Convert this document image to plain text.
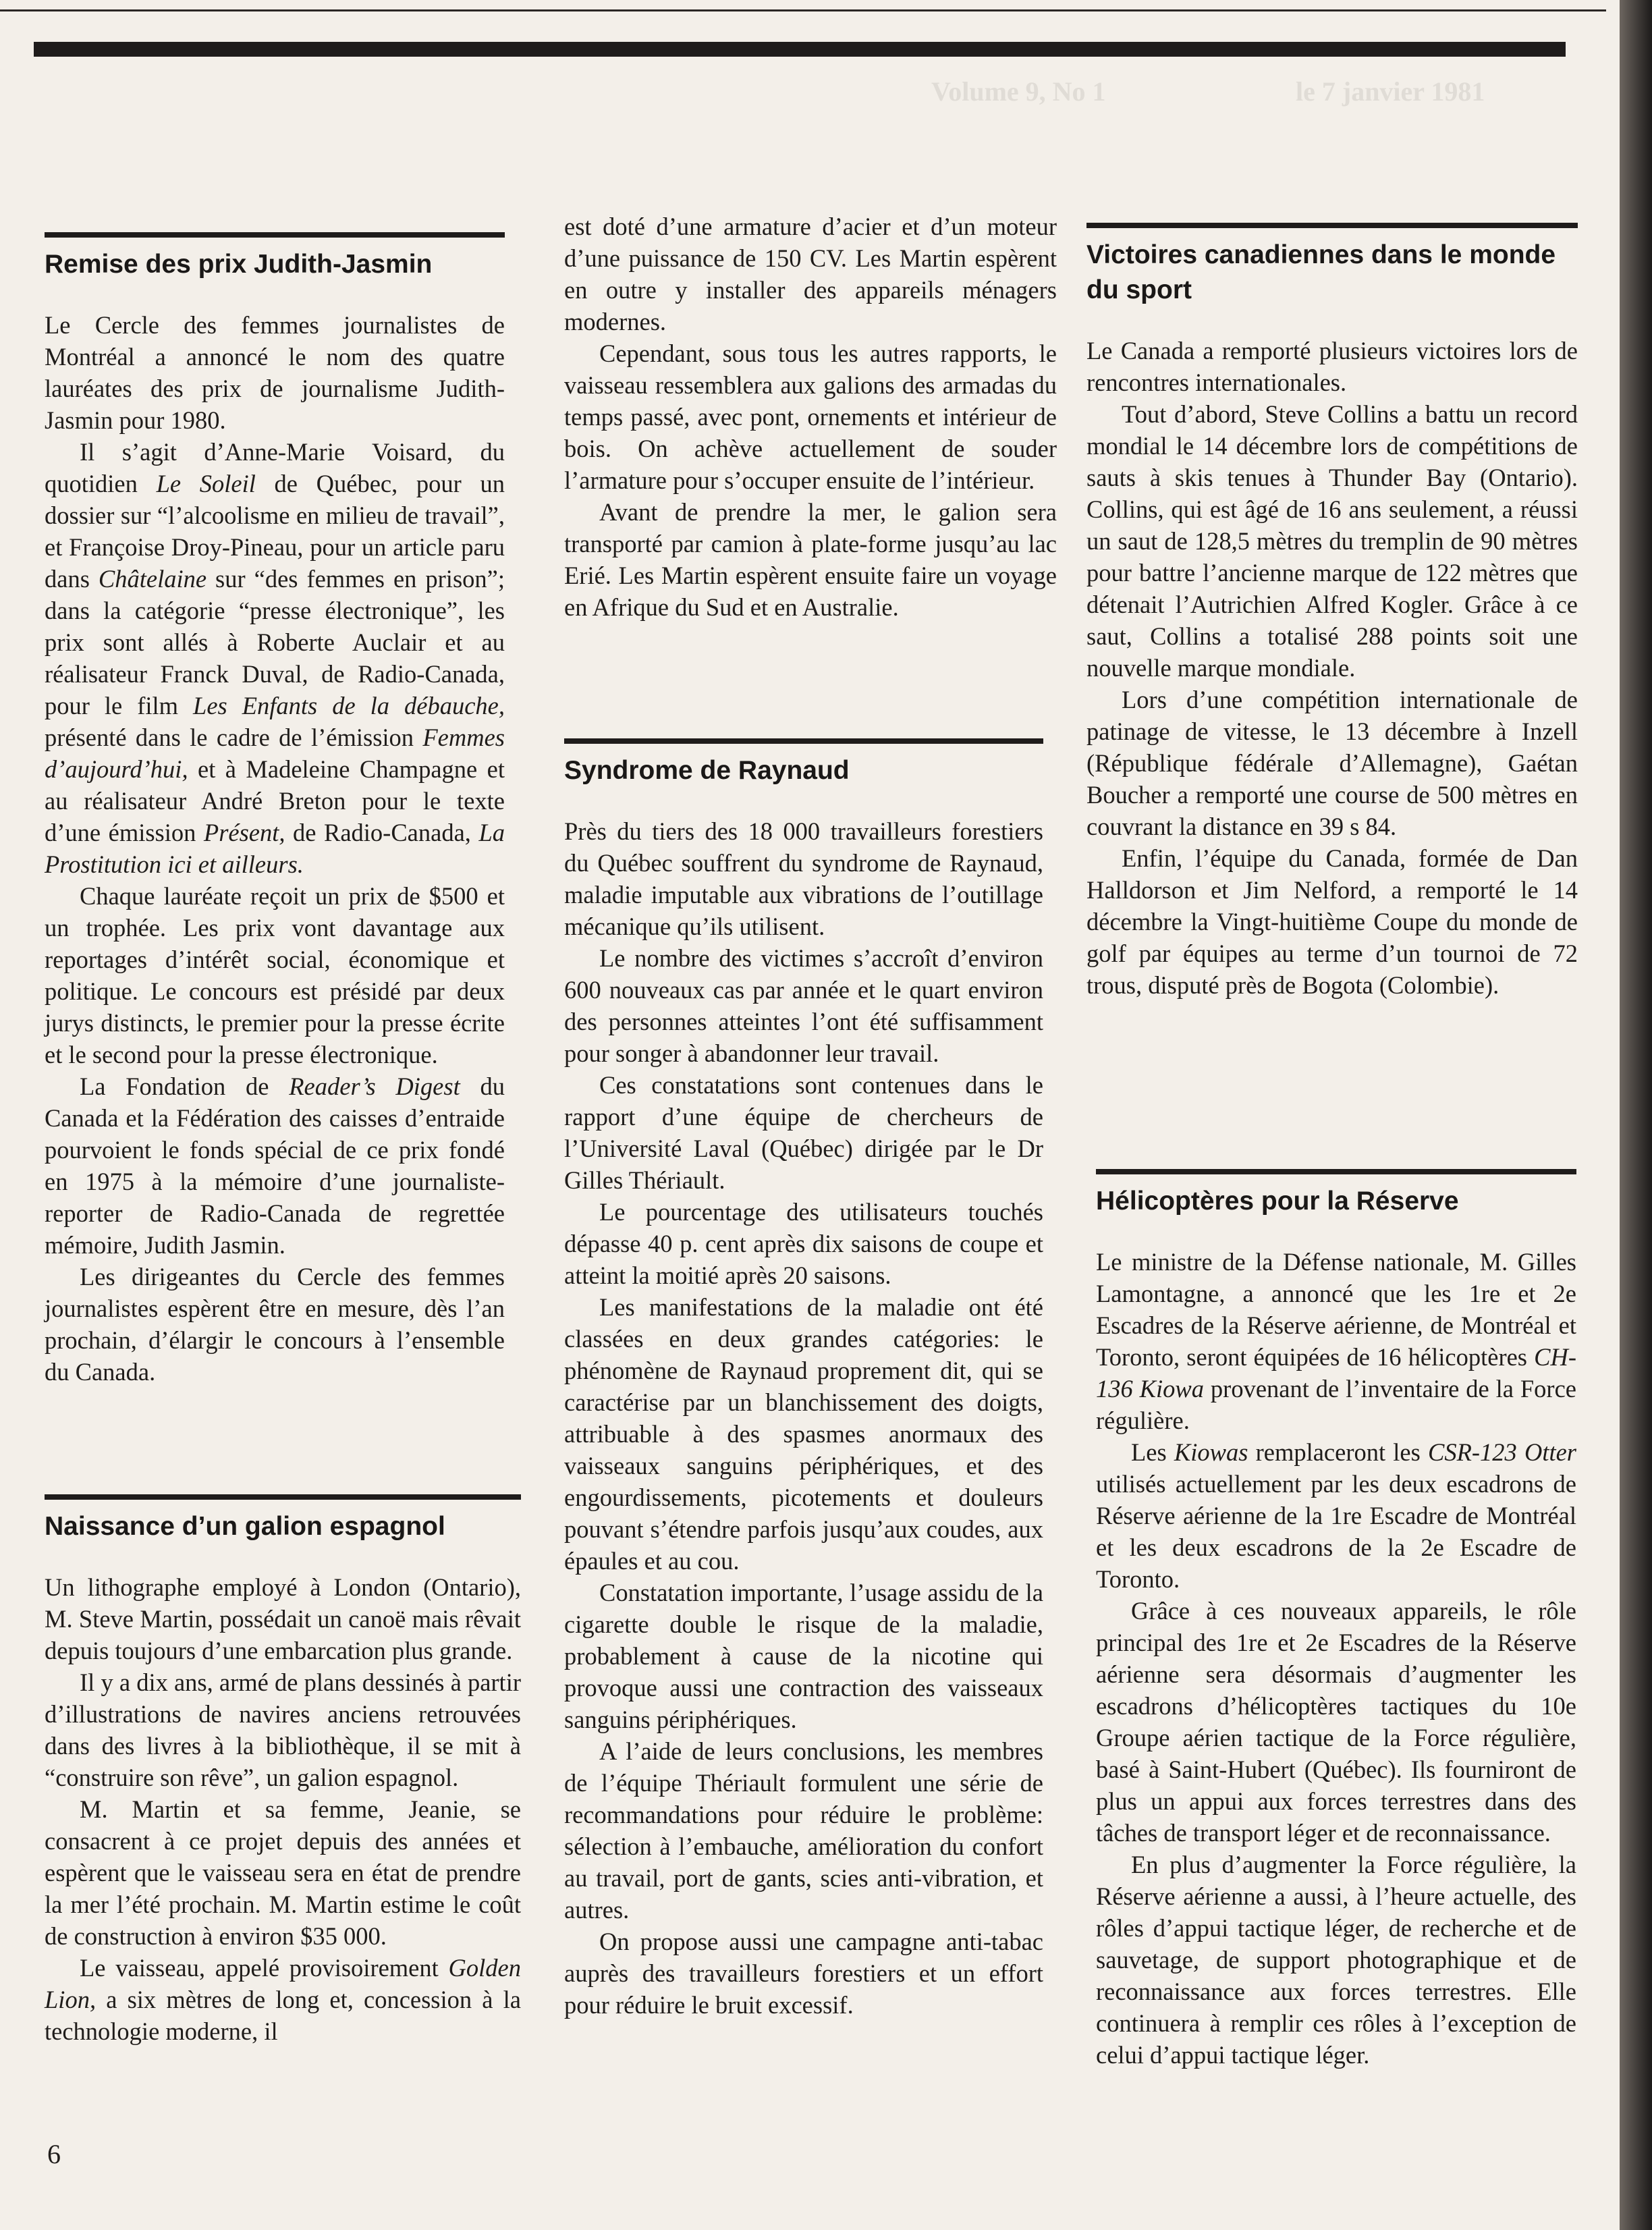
Volume 9, No 1	le 7 janvier 1981
Remise des prix Judith-Jasmin

Le Cercle des femmes journalistes de Montréal a annoncé le nom des quatre lauréates des prix de journalisme Judith-Jasmin pour 1980.

Il s’agit d’Anne-Marie Voisard, du quotidien Le Soleil de Québec, pour un dossier sur “l’alcoolisme en milieu de travail”, et Françoise Droy-Pineau, pour un article paru dans Châtelaine sur “des femmes en prison”; dans la catégorie “presse électronique”, les prix sont allés à Roberte Auclair et au réalisateur Franck Duval, de Radio-Canada, pour le film Les Enfants de la débauche, présenté dans le cadre de l’émission Femmes d’aujourd’hui, et à Madeleine Champagne et au réalisateur André Breton pour le texte d’une émission Présent, de Radio-Canada, La Prostitution ici et ailleurs.

Chaque lauréate reçoit un prix de $500 et un trophée. Les prix vont davantage aux reportages d’intérêt social, économique et politique. Le concours est présidé par deux jurys distincts, le premier pour la presse écrite et le second pour la presse électronique.

La Fondation de Reader’s Digest du Canada et la Fédération des caisses d’entraide pourvoient le fonds spécial de ce prix fondé en 1975 à la mémoire d’une journaliste-reporter de Radio-Canada de regrettée mémoire, Judith Jasmin.

Les dirigeantes du Cercle des femmes journalistes espèrent être en mesure, dès l’an prochain, d’élargir le concours à l’ensemble du Canada.

Naissance d’un galion espagnol

Un lithographe employé à London (Ontario), M. Steve Martin, possédait un canoë mais rêvait depuis toujours d’une embarcation plus grande.

Il y a dix ans, armé de plans dessinés à partir d’illustrations de navires anciens retrouvées dans des livres à la bibliothèque, il se mit à “construire son rêve”, un galion espagnol.

M. Martin et sa femme, Jeanie, se consacrent à ce projet depuis des années et espèrent que le vaisseau sera en état de prendre la mer l’été prochain. M. Martin estime le coût de construction à environ $35 000.

Le vaisseau, appelé provisoirement Golden Lion, a six mètres de long et, concession à la technologie moderne, il

est doté d’une armature d’acier et d’un moteur d’une puissance de 150 CV. Les Martin espèrent en outre y installer des appareils ménagers modernes.

Cependant, sous tous les autres rapports, le vaisseau ressemblera aux galions des armadas du temps passé, avec pont, ornements et intérieur de bois. On achève actuellement de souder l’armature pour s’occuper ensuite de l’intérieur.

Avant de prendre la mer, le galion sera transporté par camion à plate-forme jusqu’au lac Erié. Les Martin espèrent ensuite faire un voyage en Afrique du Sud et en Australie.

Syndrome de Raynaud

Près du tiers des 18 000 travailleurs forestiers du Québec souffrent du syndrome de Raynaud, maladie imputable aux vibrations de l’outillage mécanique qu’ils utilisent.

Le nombre des victimes s’accroît d’environ 600 nouveaux cas par année et le quart environ des personnes atteintes l’ont été suffisamment pour songer à abandonner leur travail.

Ces constatations sont contenues dans le rapport d’une équipe de chercheurs de l’Université Laval (Québec) dirigée par le Dr Gilles Thériault.

Le pourcentage des utilisateurs touchés dépasse 40 p. cent après dix saisons de coupe et atteint la moitié après 20 saisons.

Les manifestations de la maladie ont été classées en deux grandes catégories: le phénomène de Raynaud proprement dit, qui se caractérise par un blanchissement des doigts, attribuable à des spasmes anormaux des vaisseaux sanguins périphériques, et des engourdissements, picotements et douleurs pouvant s’étendre parfois jusqu’aux coudes, aux épaules et au cou.

Constatation importante, l’usage assidu de la cigarette double le risque de la maladie, probablement à cause de la nicotine qui provoque aussi une contraction des vaisseaux sanguins périphériques.

A l’aide de leurs conclusions, les membres de l’équipe Thériault formulent une série de recommandations pour réduire le problème: sélection à l’embauche, amélioration du confort au travail, port de gants, scies anti-vibration, et autres.

On propose aussi une campagne anti-tabac auprès des travailleurs forestiers et un effort pour réduire le bruit excessif.

Victoires canadiennes dans le monde du sport

Le Canada a remporté plusieurs victoires lors de rencontres internationales.

Tout d’abord, Steve Collins a battu un record mondial le 14 décembre lors de compétitions de sauts à skis tenues à Thunder Bay (Ontario). Collins, qui est âgé de 16 ans seulement, a réussi un saut de 128,5 mètres du tremplin de 90 mètres pour battre l’ancienne marque de 122 mètres que détenait l’Autrichien Alfred Kogler. Grâce à ce saut, Collins a totalisé 288 points soit une nouvelle marque mondiale.

Lors d’une compétition internationale de patinage de vitesse, le 13 décembre à Inzell (République fédérale d’Allemagne), Gaétan Boucher a remporté une course de 500 mètres en couvrant la distance en 39 s 84.

Enfin, l’équipe du Canada, formée de Dan Halldorson et Jim Nelford, a remporté le 14 décembre la Vingt-huitième Coupe du monde de golf par équipes au terme d’un tournoi de 72 trous, disputé près de Bogota (Colombie).

Hélicoptères pour la Réserve

Le ministre de la Défense nationale, M. Gilles Lamontagne, a annoncé que les 1re et 2e Escadres de la Réserve aérienne, de Montréal et Toronto, seront équipées de 16 hélicoptères CH-136 Kiowa provenant de l’inventaire de la Force régulière.

Les Kiowas remplaceront les CSR-123 Otter utilisés actuellement par les deux escadrons de Réserve aérienne de la 1re Escadre de Montréal et les deux escadrons de la 2e Escadre de Toronto.

Grâce à ces nouveaux appareils, le rôle principal des 1re et 2e Escadres de la Réserve aérienne sera désormais d’augmenter les escadrons d’hélicoptères tactiques du 10e Groupe aérien tactique de la Force régulière, basé à Saint-Hubert (Québec). Ils fourniront de plus un appui aux forces terrestres dans des tâches de transport léger et de reconnaissance.

En plus d’augmenter la Force régulière, la Réserve aérienne a aussi, à l’heure actuelle, des rôles d’appui tactique léger, de recherche et de sauvetage, de support photographique et de reconnaissance aux forces terrestres. Elle continuera à remplir ces rôles à l’exception de celui d’appui tactique léger.

6
